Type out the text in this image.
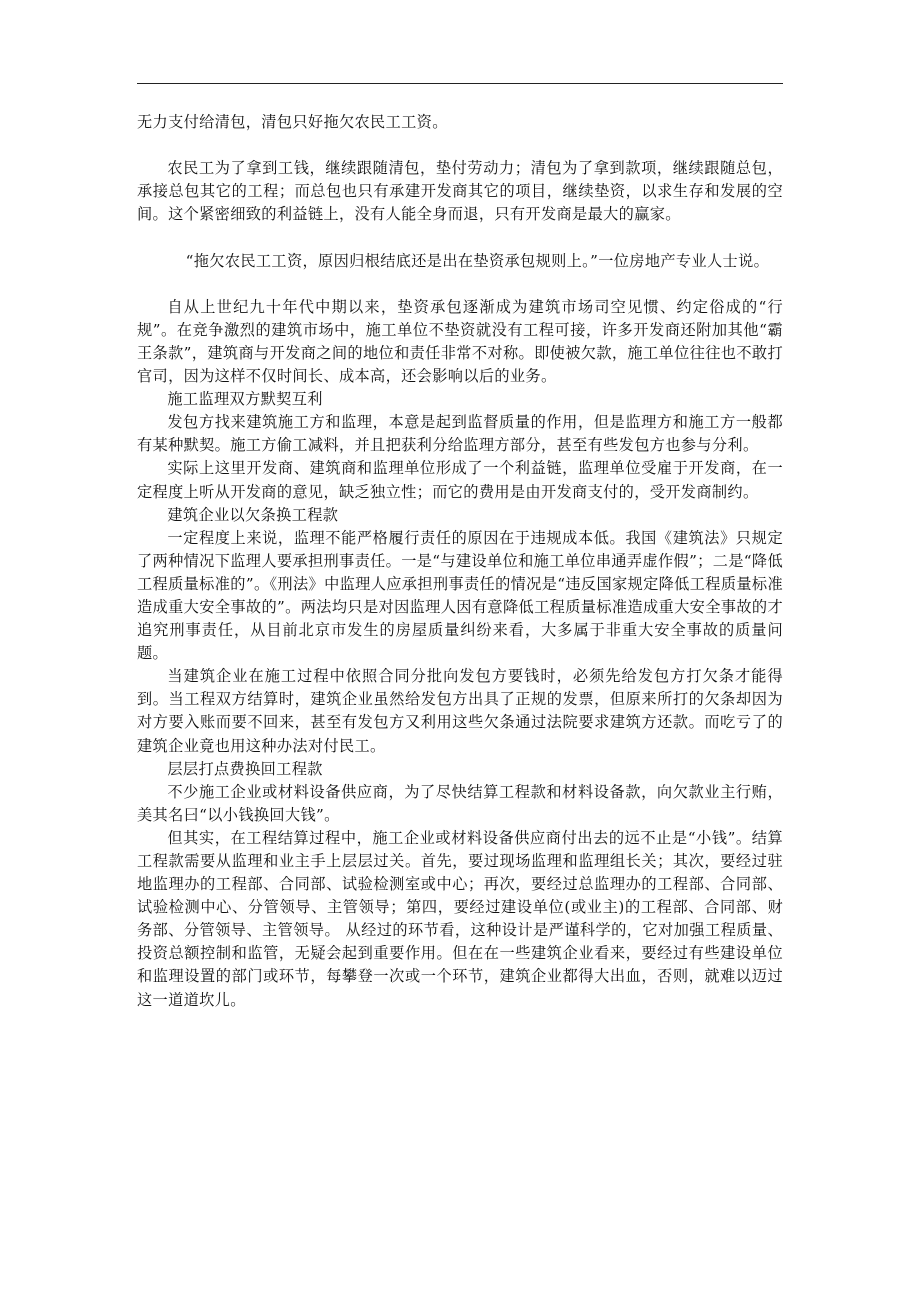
无力支付给清包，清包只好拖欠农民工工资。

农民工为了拿到工钱，继续跟随清包，垫付劳动力；清包为了拿到款项，继续跟随总包，承接总包其它的工程；而总包也只有承建开发商其它的项目，继续垫资，以求生存和发展的空间。这个紧密细致的利益链上，没有人能全身而退，只有开发商是最大的赢家。

“拖欠农民工工资，原因归根结底还是出在垫资承包规则上。”一位房地产专业人士说。

自从上世纪九十年代中期以来，垫资承包逐渐成为建筑市场司空见惯、约定俗成的“行规”。在竞争激烈的建筑市场中，施工单位不垫资就没有工程可接，许多开发商还附加其他“霸王条款”，建筑商与开发商之间的地位和责任非常不对称。即使被欠款，施工单位往往也不敢打官司，因为这样不仅时间长、成本高，还会影响以后的业务。

施工监理双方默契互利

发包方找来建筑施工方和监理，本意是起到监督质量的作用，但是监理方和施工方一般都有某种默契。施工方偷工减料，并且把获利分给监理方部分，甚至有些发包方也参与分利。

实际上这里开发商、建筑商和监理单位形成了一个利益链，监理单位受雇于开发商，在一定程度上听从开发商的意见，缺乏独立性；而它的费用是由开发商支付的，受开发商制约。

建筑企业以欠条换工程款

一定程度上来说，监理不能严格履行责任的原因在于违规成本低。我国《建筑法》只规定了两种情况下监理人要承担刑事责任。一是“与建设单位和施工单位串通弄虚作假”；二是“降低工程质量标准的”。《刑法》中监理人应承担刑事责任的情况是“违反国家规定降低工程质量标准造成重大安全事故的”。两法均只是对因监理人因有意降低工程质量标准造成重大安全事故的才追究刑事责任，从目前北京市发生的房屋质量纠纷来看，大多属于非重大安全事故的质量问题。

当建筑企业在施工过程中依照合同分批向发包方要钱时，必须先给发包方打欠条才能得到。当工程双方结算时，建筑企业虽然给发包方出具了正规的发票，但原来所打的欠条却因为对方要入账而要不回来，甚至有发包方又利用这些欠条通过法院要求建筑方还款。而吃亏了的建筑企业竟也用这种办法对付民工。

层层打点费换回工程款

不少施工企业或材料设备供应商，为了尽快结算工程款和材料设备款，向欠款业主行贿，美其名曰“以小钱换回大钱”。

但其实，在工程结算过程中，施工企业或材料设备供应商付出去的远不止是“小钱”。结算工程款需要从监理和业主手上层层过关。首先，要过现场监理和监理组长关；其次，要经过驻地监理办的工程部、合同部、试验检测室或中心；再次，要经过总监理办的工程部、合同部、试验检测中心、分管领导、主管领导；第四，要经过建设单位(或业主)的工程部、合同部、财务部、分管领导、主管领导。 从经过的环节看，这种设计是严谨科学的，它对加强工程质量、投资总额控制和监管，无疑会起到重要作用。但在在一些建筑企业看来，要经过有些建设单位和监理设置的部门或环节，每攀登一次或一个环节，建筑企业都得大出血，否则，就难以迈过这一道道坎儿。
